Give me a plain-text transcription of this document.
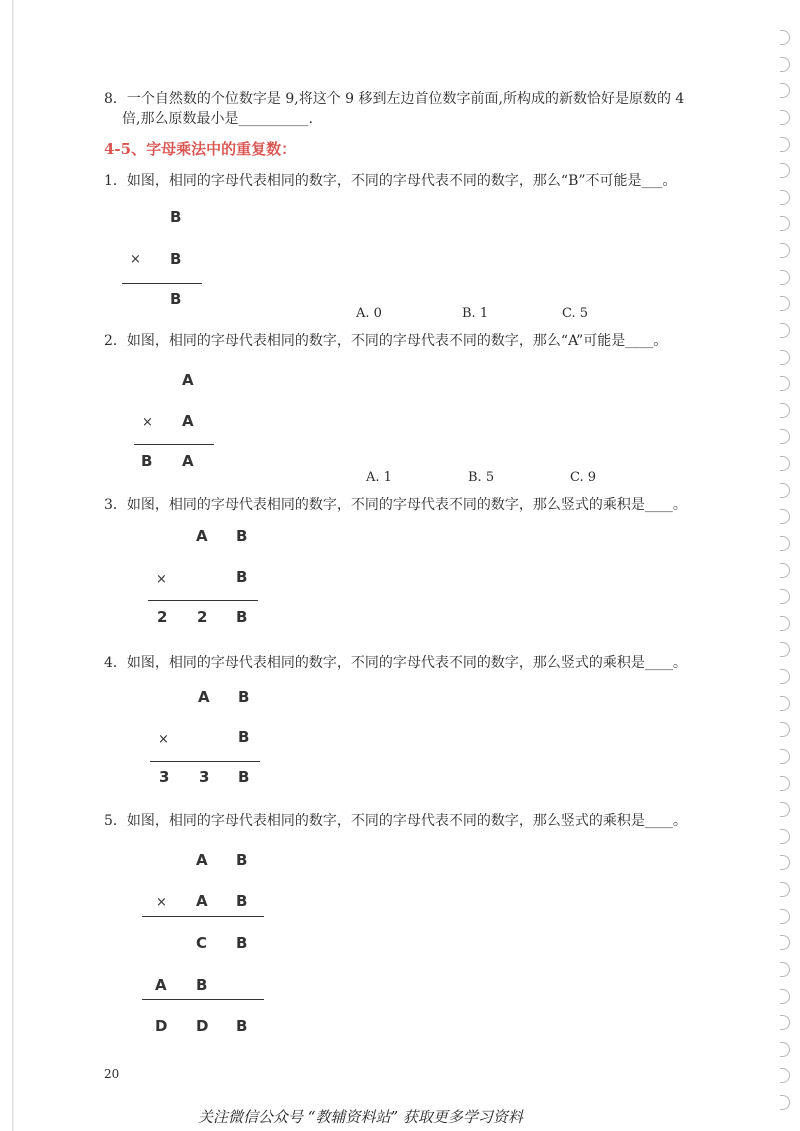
8．一个自然数的个位数字是 9,将这个 9 移到左边首位数字前面,所构成的新数恰好是原数的 4
倍,那么原数最小是__________.
4-5、字母乘法中的重复数：
1．如图，相同的字母代表相同的数字，不同的字母代表不同的数字，那么“B”不可能是___。
B
× B
B
A. 0	B. 1	C. 5
2．如图，相同的字母代表相同的数字，不同的字母代表不同的数字，那么“A”可能是____。
A
× A
B A
A. 1	B. 5	C. 9
3．如图，相同的字母代表相同的数字，不同的字母代表不同的数字，那么竖式的乘积是____。
A B
×	B
2 2 B
4．如图，相同的字母代表相同的数字，不同的字母代表不同的数字，那么竖式的乘积是____。
A B
×	B
3 3 B
5．如图，相同的字母代表相同的数字，不同的字母代表不同的数字，那么竖式的乘积是____。
A B
× A B
C B
A B
D D B
20
关注微信公众号 “教辅资料站” 获取更多学习资料
